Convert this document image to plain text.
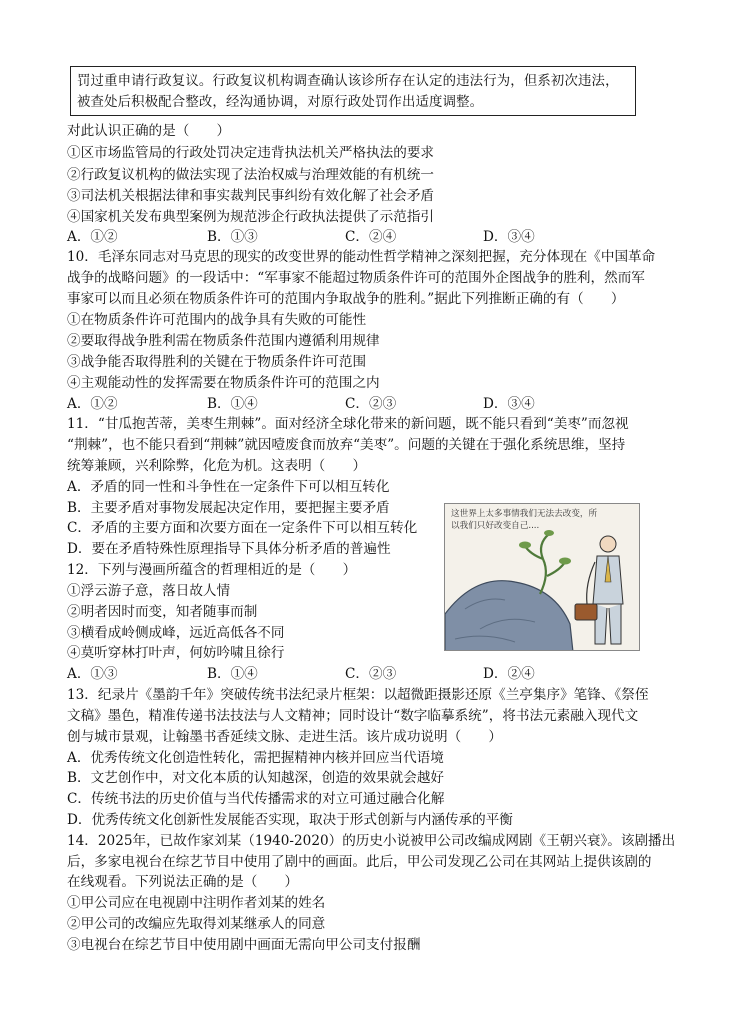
罚过重申请行政复议。行政复议机构调查确认该诊所存在认定的违法行为，但系初次违法，
被查处后积极配合整改，经沟通协调，对原行政处罚作出适度调整。
对此认识正确的是（　　）
①区市场监管局的行政处罚决定违背执法机关严格执法的要求
②行政复议机构的做法实现了法治权威与治理效能的有机统一
③司法机关根据法律和事实裁判民事纠纷有效化解了社会矛盾
④国家机关发布典型案例为规范涉企行政执法提供了示范指引
A．①②	B．①③	C．②④	D．③④
10．毛泽东同志对马克思的现实的改变世界的能动性哲学精神之深刻把握，充分体现在《中国革命
战争的战略问题》的一段话中：“军事家不能超过物质条件许可的范围外企图战争的胜利，然而军
事家可以而且必须在物质条件许可的范围内争取战争的胜利。”据此下列推断正确的有（　　）
①在物质条件许可范围内的战争具有失败的可能性
②要取得战争胜利需在物质条件范围内遵循利用规律
③战争能否取得胜利的关键在于物质条件许可范围
④主观能动性的发挥需要在物质条件许可的范围之内
A．①②	B．①④	C．②③	D．③④
11．“甘瓜抱苦蒂，美枣生荆棘”。面对经济全球化带来的新问题，既不能只看到“美枣”而忽视
“荆棘”，也不能只看到“荆棘”就因噎废食而放弃“美枣”。问题的关键在于强化系统思维，坚持
统筹兼顾，兴利除弊，化危为机。这表明（　　）
A．矛盾的同一性和斗争性在一定条件下可以相互转化
B．主要矛盾对事物发展起决定作用，要把握主要矛盾
C．矛盾的主要方面和次要方面在一定条件下可以相互转化
D．要在矛盾特殊性原理指导下具体分析矛盾的普遍性
12．下列与漫画所蕴含的哲理相近的是（　　）
①浮云游子意，落日故人情
②明者因时而变，知者随事而制
③横看成岭侧成峰，远近高低各不同
④莫听穿林打叶声，何妨吟啸且徐行
A．①③	B．①④	C．②③	D．②④
这世界上太多事情我们无法去改变，所
以我们只好改变自己....
13．纪录片《墨韵千年》突破传统书法纪录片框架：以超微距摄影还原《兰亭集序》笔锋、《祭侄
文稿》墨色，精准传递书法技法与人文精神；同时设计“数字临摹系统”，将书法元素融入现代文
创与城市景观，让翰墨书香延续文脉、走进生活。该片成功说明（　　）
A．优秀传统文化创造性转化，需把握精神内核并回应当代语境
B．文艺创作中，对文化本质的认知越深，创造的效果就会越好
C．传统书法的历史价值与当代传播需求的对立可通过融合化解
D．优秀传统文化创新性发展能否实现，取决于形式创新与内涵传承的平衡
14．2025年，已故作家刘某（1940-2020）的历史小说被甲公司改编成网剧《王朝兴衰》。该剧播出
后，多家电视台在综艺节目中使用了剧中的画面。此后，甲公司发现乙公司在其网站上提供该剧的
在线观看。下列说法正确的是（　　）
①甲公司应在电视剧中注明作者刘某的姓名
②甲公司的改编应先取得刘某继承人的同意
③电视台在综艺节目中使用剧中画面无需向甲公司支付报酬
